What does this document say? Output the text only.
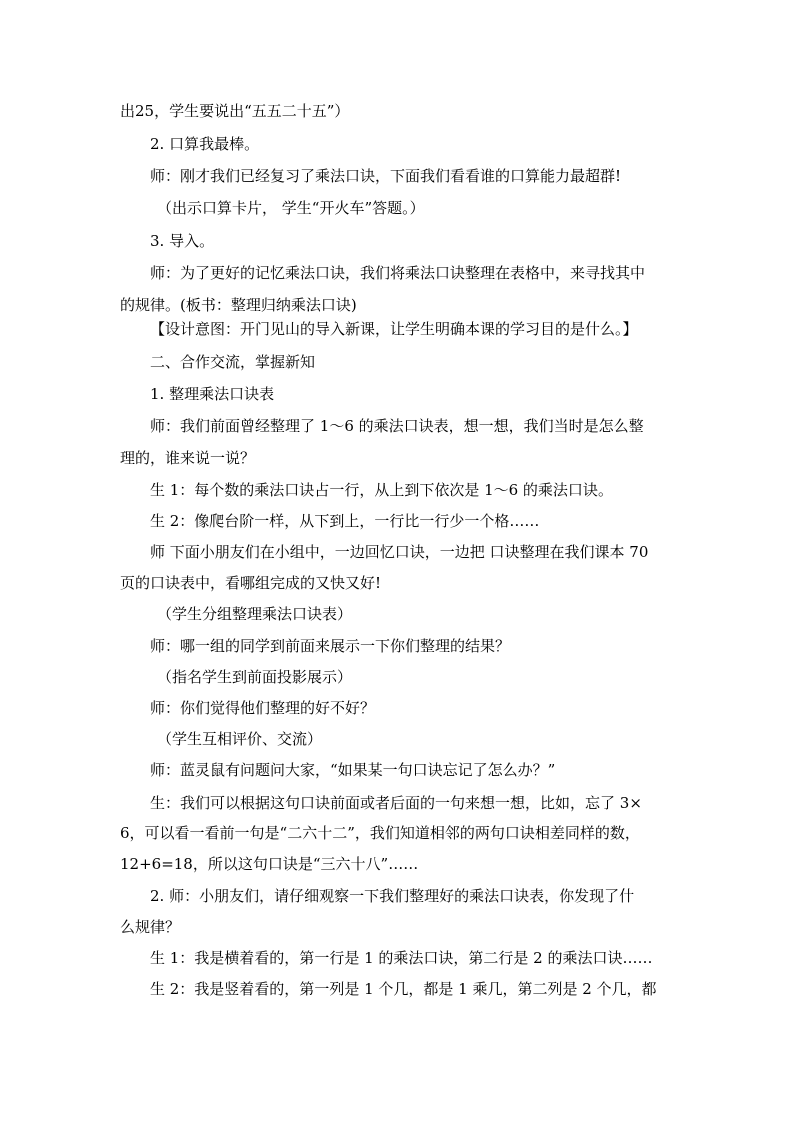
出25，学生要说出“五五二十五”）
2. 口算我最棒。
师：刚才我们已经复习了乘法口诀，下面我们看看谁的口算能力最超群!
（出示口算卡片， 学生“开火车”答题。）
3. 导入。
师：为了更好的记忆乘法口诀，我们将乘法口诀整理在表格中，来寻找其中
的规律。(板书：整理归纳乘法口诀)
【设计意图：开门见山的导入新课，让学生明确本课的学习目的是什么。】
二、合作交流，掌握新知
1. 整理乘法口诀表
师：我们前面曾经整理了 1～6 的乘法口诀表，想一想，我们当时是怎么整
理的，谁来说一说？
生 1：每个数的乘法口诀占一行，从上到下依次是 1～6 的乘法口诀。
生 2：像爬台阶一样，从下到上，一行比一行少一个格……
师 下面小朋友们在小组中，一边回忆口诀，一边把 口诀整理在我们课本 70
页的口诀表中，看哪组完成的又快又好!
（学生分组整理乘法口诀表）
师：哪一组的同学到前面来展示一下你们整理的结果？
（指名学生到前面投影展示）
师：你们觉得他们整理的好不好？
（学生互相评价、交流）
师：蓝灵鼠有问题问大家，“如果某一句口诀忘记了怎么办？”
生：我们可以根据这句口诀前面或者后面的一句来想一想，比如，忘了 3×
6，可以看一看前一句是“二六十二”，我们知道相邻的两句口诀相差同样的数，
12+6=18，所以这句口诀是“三六十八”……
2. 师：小朋友们，请仔细观察一下我们整理好的乘法口诀表，你发现了什
么规律？
生 1：我是横着看的，第一行是 1 的乘法口诀，第二行是 2 的乘法口诀……
生 2：我是竖着看的，第一列是 1 个几，都是 1 乘几，第二列是 2 个几，都
